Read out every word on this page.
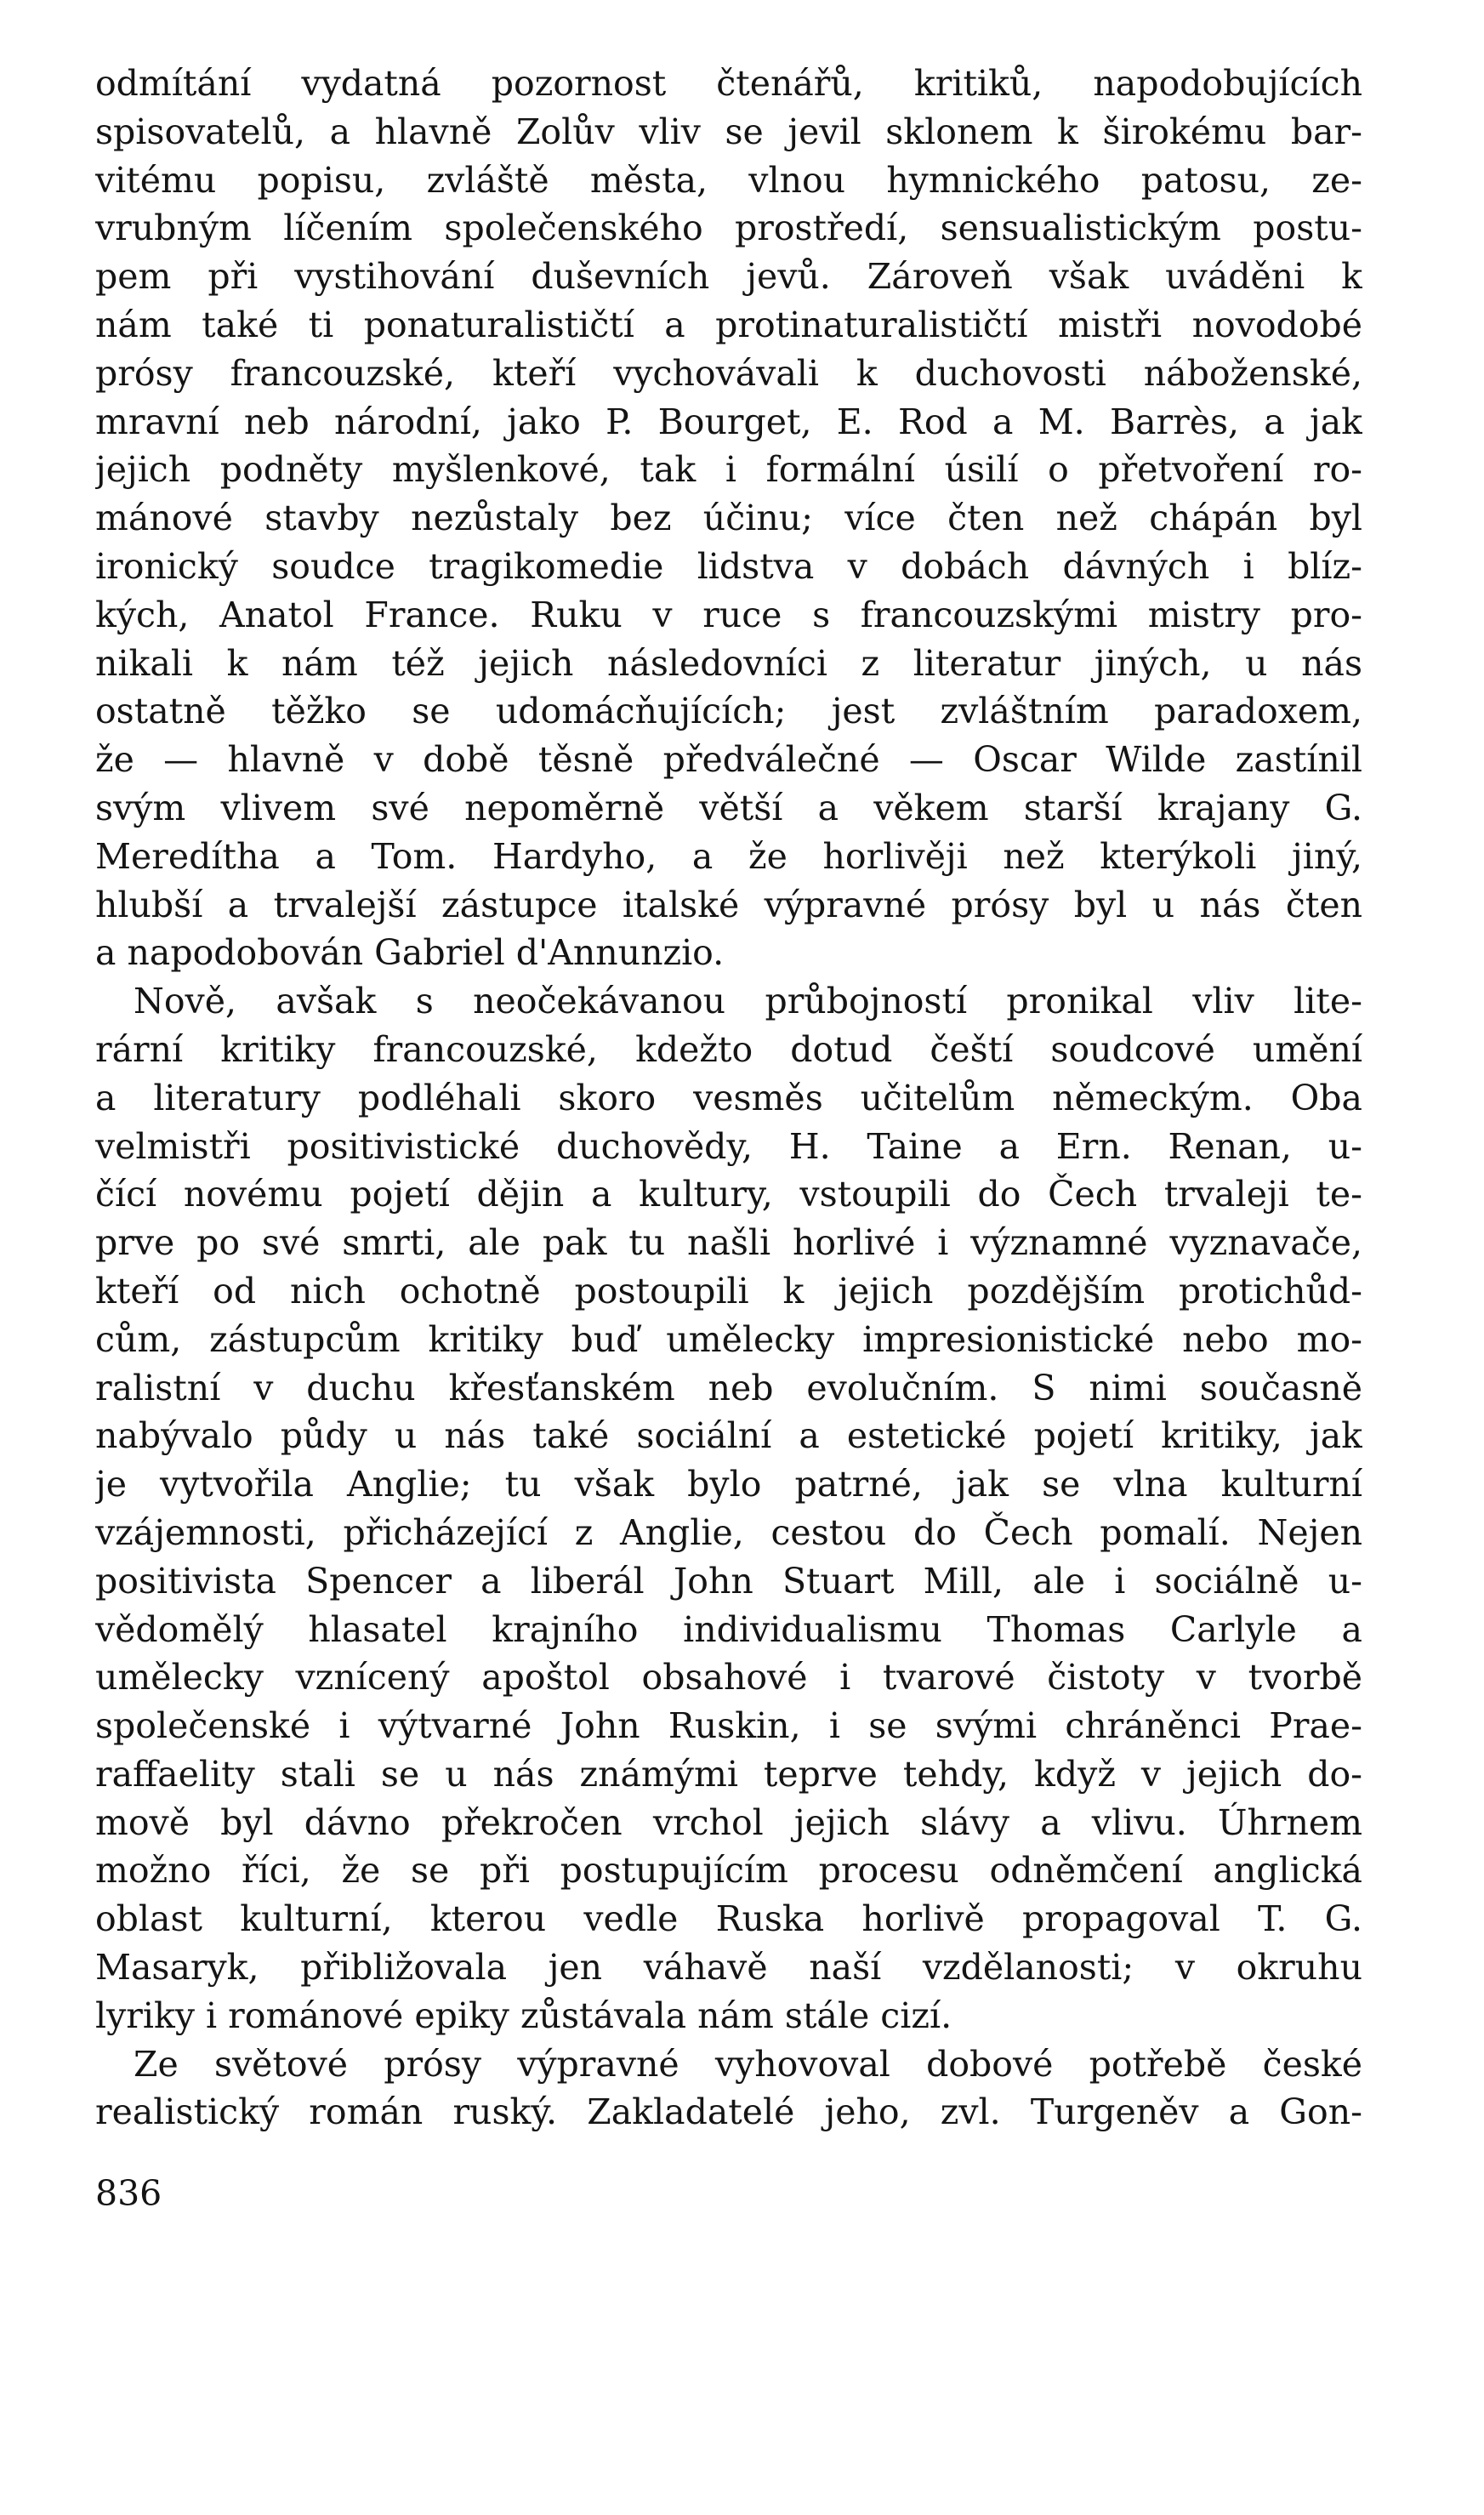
odmítání vydatná pozornost čtenářů, kritiků, napodobujících
spisovatelů, a hlavně Zolův vliv se jevil sklonem k širokému bar-
vitému popisu, zvláště města, vlnou hymnického patosu, ze-
vrubným líčením společenského prostředí, sensualistickým postu-
pem při vystihování duševních jevů. Zároveň však uváděni k
nám také ti ponaturalističtí a protinaturalističtí mistři novodobé
prósy francouzské, kteří vychovávali k duchovosti náboženské,
mravní neb národní, jako P. Bourget, E. Rod a M. Barrès, a jak
jejich podněty myšlenkové, tak i formální úsilí o přetvoření ro-
mánové stavby nezůstaly bez účinu; více čten než chápán byl
ironický soudce tragikomedie lidstva v dobách dávných i blíz-
kých, Anatol France. Ruku v ruce s francouzskými mistry pro-
nikali k nám též jejich následovníci z literatur jiných, u nás
ostatně těžko se udomácňujících; jest zvláštním paradoxem,
že — hlavně v době těsně předválečné — Oscar Wilde zastínil
svým vlivem své nepoměrně větší a věkem starší krajany G.
Meredítha a Tom. Hardyho, a že horlivěji než kterýkoli jiný,
hlubší a trvalejší zástupce italské výpravné prósy byl u nás čten
a napodobován Gabriel d'Annunzio.
Nově, avšak s neočekávanou průbojností pronikal vliv lite-
rární kritiky francouzské, kdežto dotud čeští soudcové umění
a literatury podléhali skoro vesměs učitelům německým. Oba
velmistři positivistické duchovědy, H. Taine a Ern. Renan, u-
čící novému pojetí dějin a kultury, vstoupili do Čech trvaleji te-
prve po své smrti, ale pak tu našli horlivé i významné vyznavače,
kteří od nich ochotně postoupili k jejich pozdějším protichůd-
cům, zástupcům kritiky buď umělecky impresionistické nebo mo-
ralistní v duchu křesťanském neb evolučním. S nimi současně
nabývalo půdy u nás také sociální a estetické pojetí kritiky, jak
je vytvořila Anglie; tu však bylo patrné, jak se vlna kulturní
vzájemnosti, přicházející z Anglie, cestou do Čech pomalí. Nejen
positivista Spencer a liberál John Stuart Mill, ale i sociálně u-
vědomělý hlasatel krajního individualismu Thomas Carlyle a
umělecky vznícený apoštol obsahové i tvarové čistoty v tvorbě
společenské i výtvarné John Ruskin, i se svými chráněnci Prae-
raffaelity stali se u nás známými teprve tehdy, když v jejich do-
mově byl dávno překročen vrchol jejich slávy a vlivu. Úhrnem
možno říci, že se při postupujícím procesu odněmčení anglická
oblast kulturní, kterou vedle Ruska horlivě propagoval T. G.
Masaryk, přibližovala jen váhavě naší vzdělanosti; v okruhu
lyriky i románové epiky zůstávala nám stále cizí.
Ze světové prósy výpravné vyhovoval dobové potřebě české
realistický román ruský. Zakladatelé jeho, zvl. Turgeněv a Gon-
836
